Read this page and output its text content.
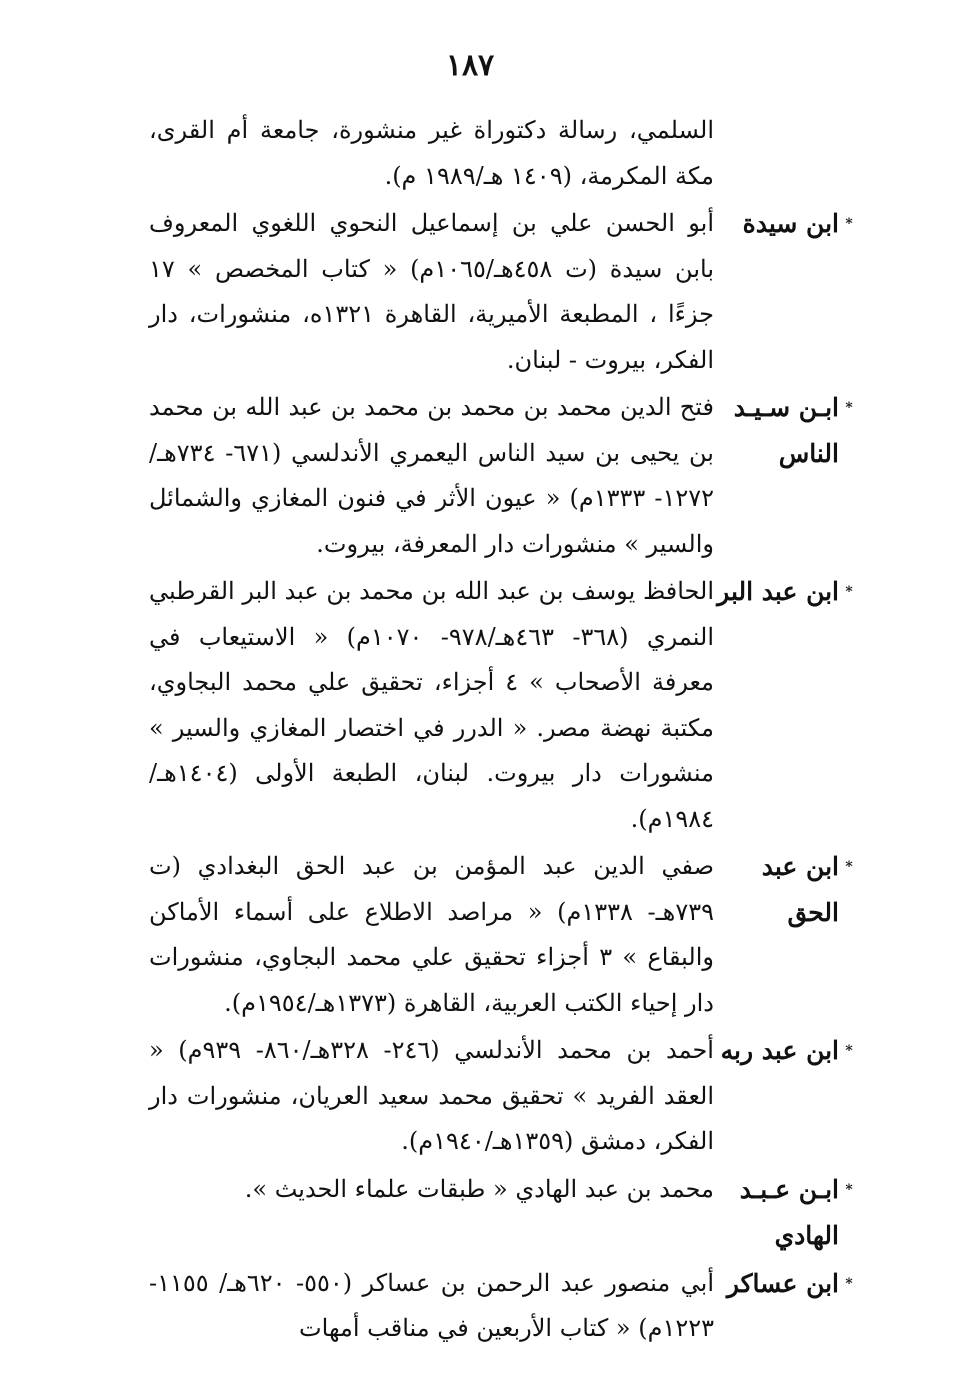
١٨٧
السلمي، رسالة دكتوراة غير منشورة، جامعة أم القرى، مكة المكرمة، (١٤٠٩ هـ/١٩٨٩ م).
*
ابن سيدة
أبو الحسن علي بن إسماعيل النحوي اللغوي المعروف بابن سيدة (ت ٤٥٨هـ/١٠٦٥م) « كتاب المخصص » ١٧ جزءًا ، المطبعة الأميرية، القاهرة ١٣٢١ه، منشورات، دار الفكر، بيروت - لبنان.
*
ابـن سـيـد الناس
فتح الدين محمد بن محمد بن محمد بن عبد الله بن محمد بن يحيى بن سيد الناس اليعمري الأندلسي (٦٧١- ٧٣٤هـ/ ١٢٧٢- ١٣٣٣م) « عيون الأثر في فنون المغازي والشمائل والسير » منشورات دار المعرفة، بيروت.
*
ابن عبد البر
الحافظ يوسف بن عبد الله بن محمد بن عبد البر القرطبي النمري (٣٦٨- ٤٦٣هـ/٩٧٨- ١٠٧٠م) « الاستيعاب في معرفة الأصحاب » ٤ أجزاء، تحقيق علي محمد البجاوي، مكتبة نهضة مصر. « الدرر في اختصار المغازي والسير » منشورات دار بيروت. لبنان، الطبعة الأولى (١٤٠٤هـ/ ١٩٨٤م).
*
ابن عبد الحق
صفي الدين عبد المؤمن بن عبد الحق البغدادي (ت ٧٣٩هـ- ١٣٣٨م) « مراصد الاطلاع على أسماء الأماكن والبقاع » ٣ أجزاء تحقيق علي محمد البجاوي، منشورات دار إحياء الكتب العربية، القاهرة (١٣٧٣هـ/١٩٥٤م).
*
ابن عبد ربه
أحمد بن محمد الأندلسي (٢٤٦- ٣٢٨هـ/٨٦٠- ٩٣٩م) « العقد الفريد » تحقيق محمد سعيد العريان، منشورات دار الفكر، دمشق (١٣٥٩هـ/١٩٤٠م).
*
ابـن عـبـد الهادي
محمد بن عبد الهادي « طبقات علماء الحديث ».
*
ابن عساكر
أبي منصور عبد الرحمن بن عساكر (٥٥٠- ٦٢٠هـ/ ١١٥٥- ١٢٢٣م) « كتاب الأربعين في مناقب أمهات
